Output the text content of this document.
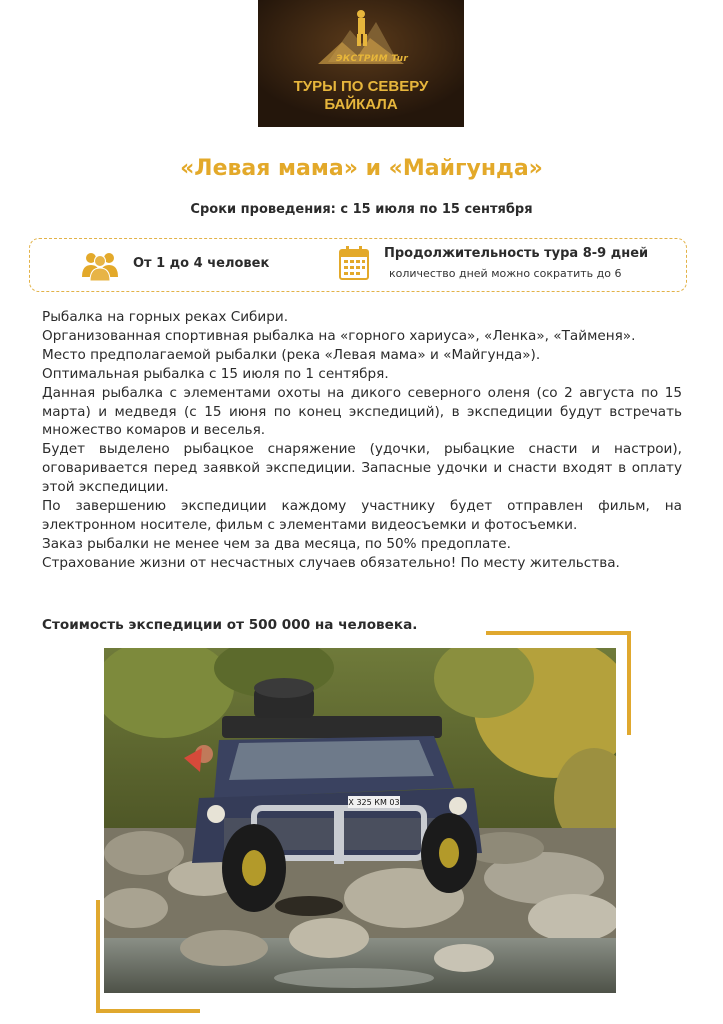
ЭКСТРИМ Tur
ТУРЫ ПО СЕВЕРУ
БАЙКАЛА
«Левая мама» и «Майгунда»
Сроки проведения: с 15 июля по 15 сентября
От 1 до 4 человек
Продолжительность тура 8-9 дней
количество дней можно сократить до 6

Рыбалка на горных реках Сибири.

Организованная спортивная рыбалка на «горного хариуса», «Ленка», «Тайменя».

Место предполагаемой рыбалки (река «Левая мама» и «Майгунда»).

Оптимальная рыбалка с 15 июля по 1 сентября.

Данная рыбалка с элементами охоты на дикого северного оленя (со 2 августа по 15 марта) и медведя (с 15 июня по конец экспедиций), в экспедиции будут встречать множество комаров и веселья.

Будет выделено рыбацкое снаряжение (удочки, рыбацкие снасти и настрои), оговаривается перед заявкой экспедиции. Запасные удочки и снасти входят в оплату этой экспедиции.

По завершению экспедиции каждому участнику будет отправлен фильм, на электронном носителе, фильм с элементами видеосъемки и фотосъемки.

Заказ рыбалки не менее чем за два месяца, по 50% предоплате.

Страхование жизни от несчастных случаев обязательно! По месту жительства.

Стоимость экспедиции от 500 000 на человека.
Х 325 КМ 03
